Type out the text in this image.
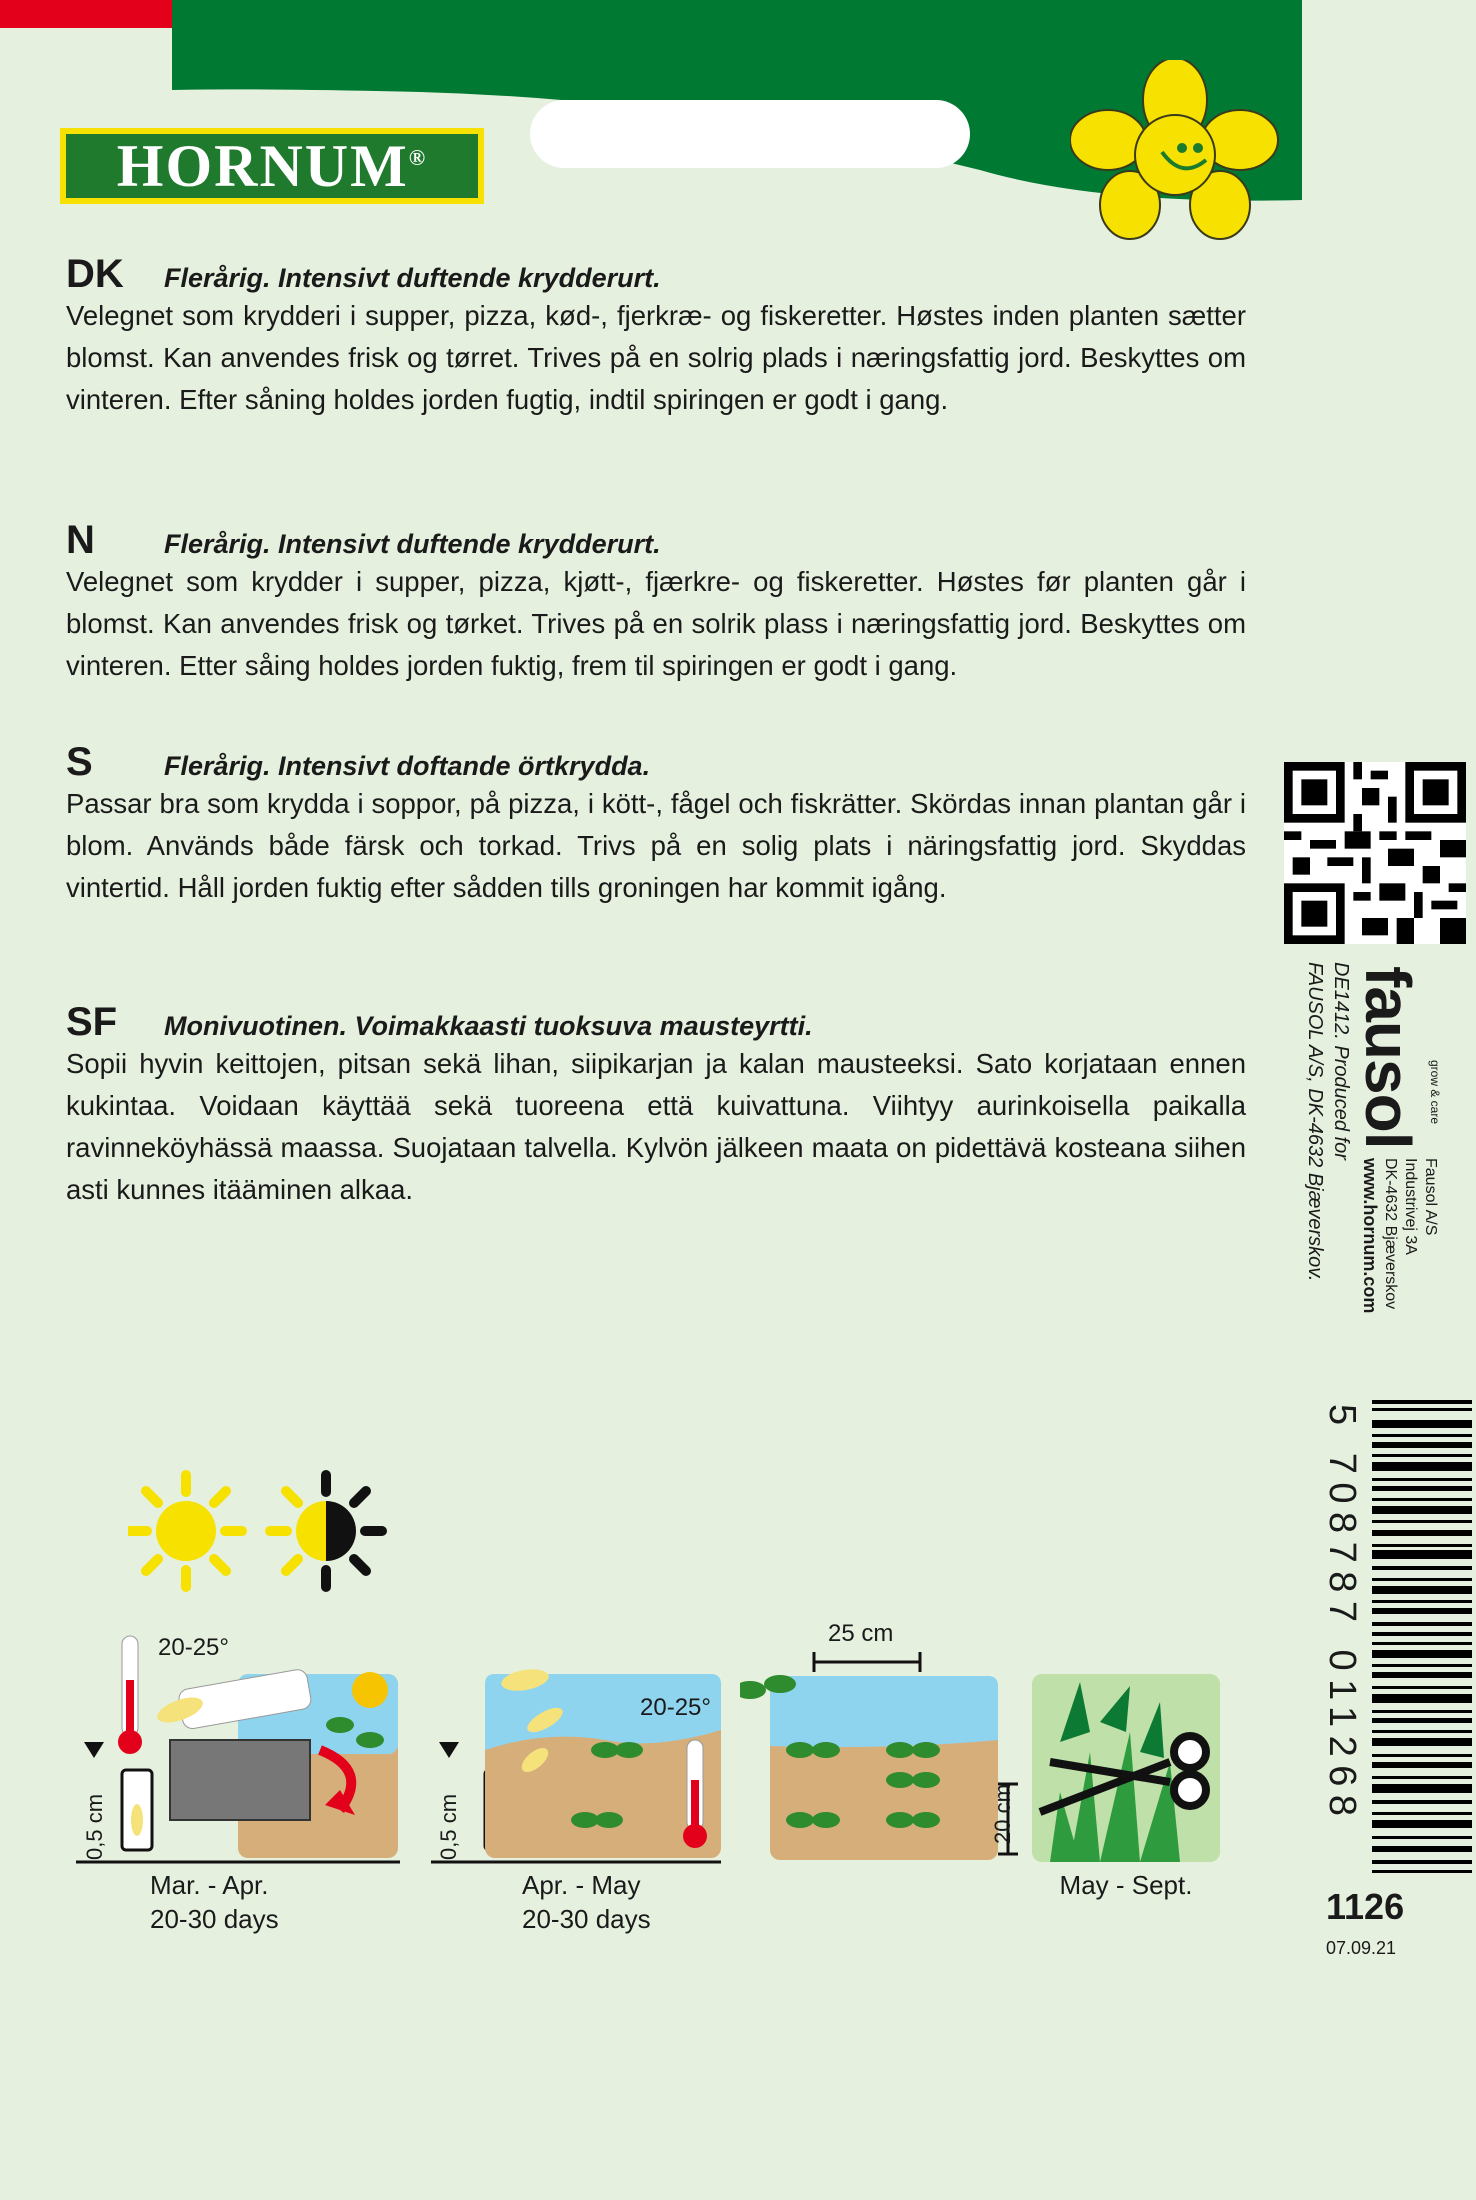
HORNUM®
DK	Flerårig. Intensivt duftende krydderurt.
Velegnet som krydderi i supper, pizza, kød-, fjerkræ- og fiskeretter. Høstes inden planten sætter blomst. Kan anvendes frisk og tørret. Trives på en solrig plads i næringsfattig jord. Beskyttes om vinteren. Efter såning holdes jorden fugtig, indtil spiringen er godt i gang.
N	Flerårig. Intensivt duftende krydderurt.
Velegnet som krydder i supper, pizza, kjøtt-, fjærkre- og fiskeretter. Høstes før planten går i blomst. Kan anvendes frisk og tørket. Trives på en solrik plass i næringsfattig jord. Beskyttes om vinteren. Etter såing holdes jorden fuktig, frem til spiringen er godt i gang.
S	Flerårig. Intensivt doftande örtkrydda.
Passar bra som krydda i soppor, på pizza, i kött-, fågel och fiskrätter. Skördas innan plantan går i blom. Används både färsk och torkad. Trivs på en solig plats i näringsfattig jord. Skyddas vintertid. Håll jorden fuktig efter sådden tills groningen har kommit igång.
SF	Monivuotinen. Voimakkaasti tuoksuva mausteyrtti.
Sopii hyvin keittojen, pitsan sekä lihan, siipikarjan ja kalan mausteeksi. Sato korjataan ennen kukintaa. Voidaan käyttää sekä tuoreena että kuivattuna. Viihtyy aurinkoisella paikalla ravinneköyhässä maassa. Suojataan talvella. Kylvön jälkeen maata on pidettävä kosteana siihen asti kunnes itääminen alkaa.
DE1412. Produced for
FAUSOL A/S, DK-4632 Bjæverskov. fausol grow & care
Fausol A/S
Industrivej 3A
DK-4632 Bjæverskov
www.hornum.com
5 708787 011268
1126
07.09.21
20-25°
0,5 cm
Mar. - Apr.
20-30 days
20-25°
0,5 cm
Apr. - May
20-30 days
25 cm
20 cm
May - Sept.
